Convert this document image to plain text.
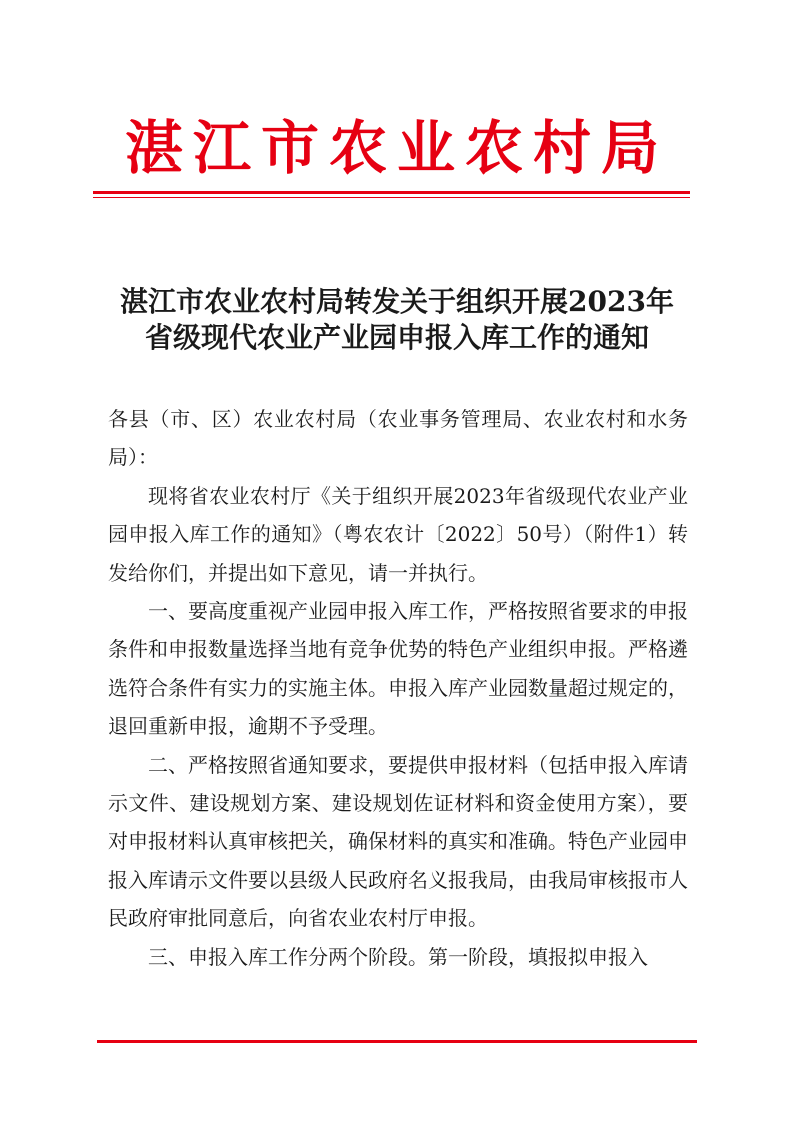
湛江市农业农村局
湛江市农业农村局转发关于组织开展2023年
省级现代农业产业园申报入库工作的通知

各县（市、区）农业农村局（农业事务管理局、农业农村和水务局）：

现将省农业农村厅《关于组织开展2023年省级现代农业产业园申报入库工作的通知》（粤农农计〔2022〕50号）（附件1）转发给你们，并提出如下意见，请一并执行。

一、要高度重视产业园申报入库工作，严格按照省要求的申报条件和申报数量选择当地有竞争优势的特色产业组织申报。严格遴选符合条件有实力的实施主体。申报入库产业园数量超过规定的，退回重新申报，逾期不予受理。

二、严格按照省通知要求，要提供申报材料（包括申报入库请示文件、建设规划方案、建设规划佐证材料和资金使用方案），要对申报材料认真审核把关，确保材料的真实和准确。特色产业园申报入库请示文件要以县级人民政府名义报我局，由我局审核报市人民政府审批同意后，向省农业农村厅申报。

三、申报入库工作分两个阶段。第一阶段，填报拟申报入
